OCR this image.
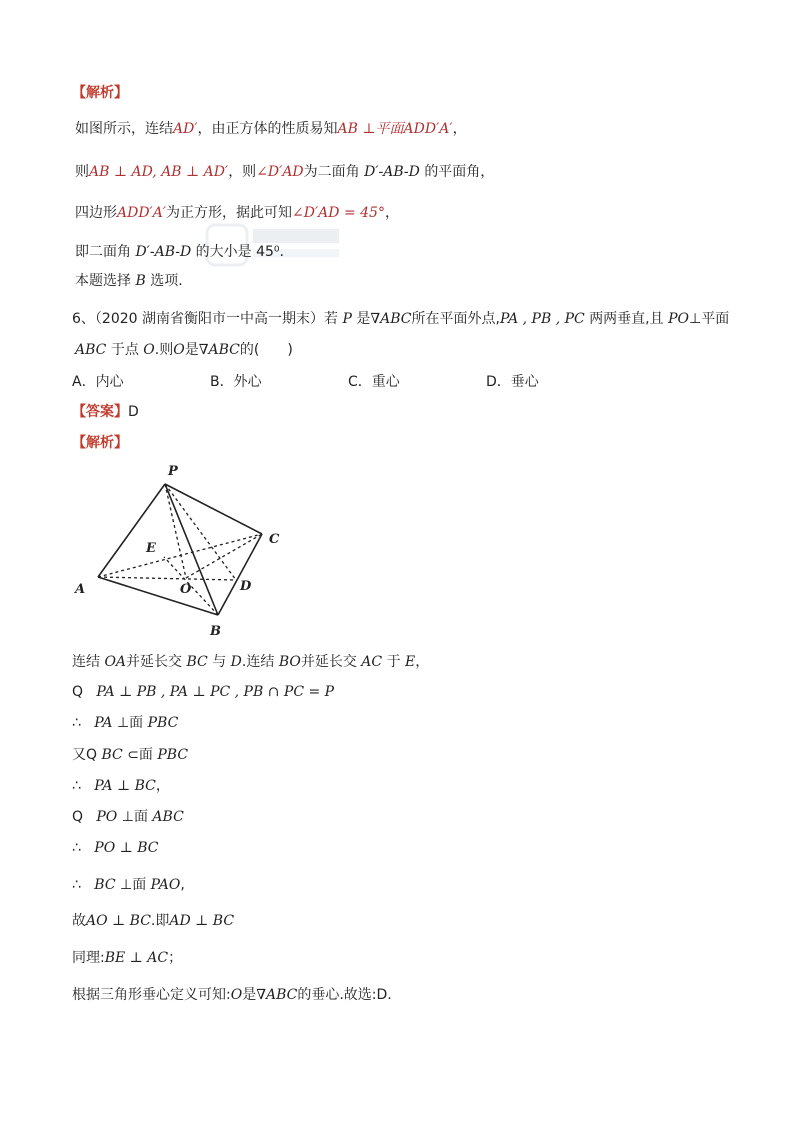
【解析】
如图所示，连结AD′，由正方体的性质易知AB ⊥平面ADD′A′，
则AB ⊥ AD, AB ⊥ AD′，则∠D′AD为二面角 D′-AB-D 的平面角，
四边形ADD′A′为正方形，据此可知∠D′AD = 45°，
即二面角 D′-AB-D 的大小是 45⁰.
本题选择 B 选项.
6、（2020 湖南省衡阳市一中高一期末）若 P 是∇ABC所在平面外点,PA , PB , PC 两两垂直,且 PO⊥平面
ABC 于点 O.则O是∇ABC的(　　)
A．内心	B．外心	C．重心	D．垂心
【答案】D
【解析】
P
A
B
C
D
E
O
连结 OA并延长交 BC 与 D.连结 BO并延长交 AC 于 E，
Q PA ⊥ PB , PA ⊥ PC , PB ∩ PC = P
∴ PA ⊥面 PBC
又Q BC ⊂面 PBC
∴ PA ⊥ BC，
Q PO ⊥面 ABC
∴ PO ⊥ BC
∴ BC ⊥面 PAO,
故AO ⊥ BC.即AD ⊥ BC
同理:BE ⊥ AC；
根据三角形垂心定义可知:O是∇ABC的垂心.故选:D.
